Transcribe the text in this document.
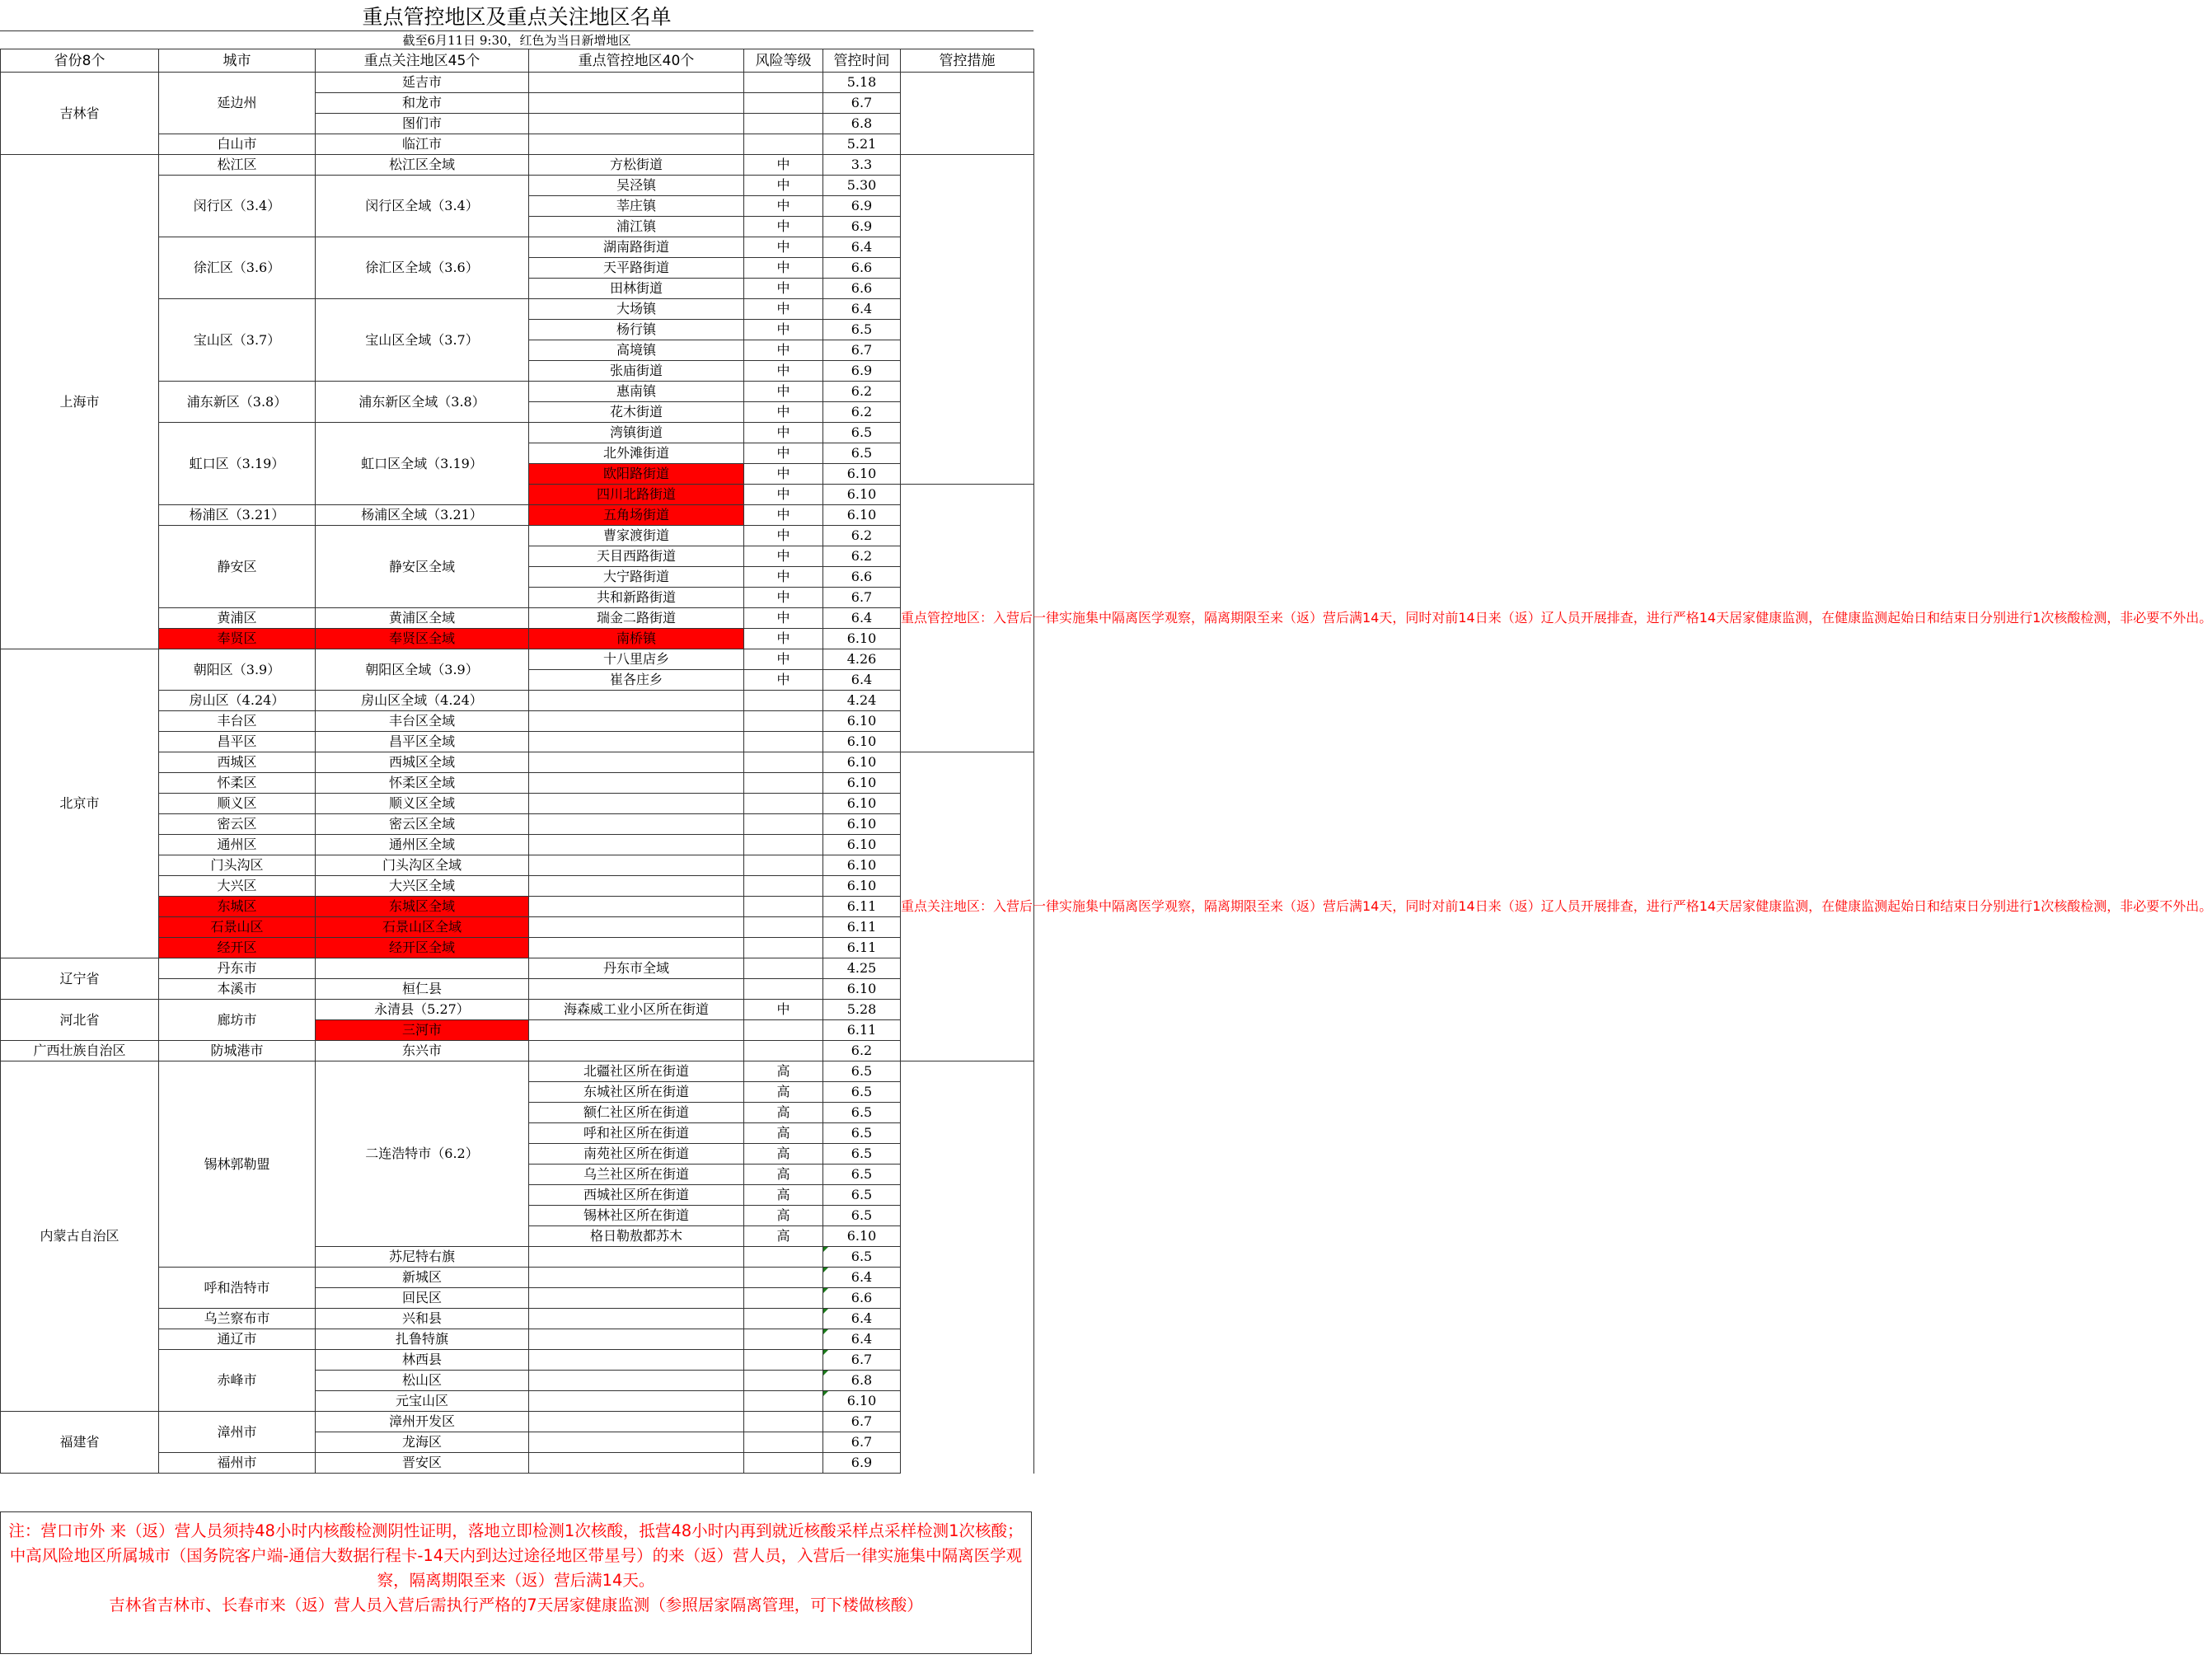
重点管控地区及重点关注地区名单
截至6月11日 9:30，红色为当日新增地区
省份8个	城市	重点关注地区45个	重点管控地区40个	风险等级	管控时间	管控措施	
吉林省	延边州	延吉市			5.18		
		和龙市			6.7		
		图们市			6.8		
	白山市	临江市			5.21		
上海市	松江区	松江区全域	方松街道	中	3.3		
	闵行区（3.4）	闵行区全域（3.4）	吴泾镇	中	5.30		
			莘庄镇	中	6.9		
			浦江镇	中	6.9		
	徐汇区（3.6）	徐汇区全域（3.6）	湖南路街道	中	6.4		
			天平路街道	中	6.6		
			田林街道	中	6.6		
	宝山区（3.7）	宝山区全域（3.7）	大场镇	中	6.4		
			杨行镇	中	6.5		
			高境镇	中	6.7		
			张庙街道	中	6.9		
	浦东新区（3.8）	浦东新区全域（3.8）	惠南镇	中	6.2		
			花木街道	中	6.2		
	虹口区（3.19）	虹口区全域（3.19）	湾镇街道	中	6.5		
			北外滩街道	中	6.5		
			欧阳路街道	中	6.10		
			四川北路街道	中	6.10	重点管控地区：入营后一律实施集中隔离医学观察，隔离期限至来（返）营后满14天，同时对前14日来（返）辽人员开展排查，进行严格14天居家健康监测，在健康监测起始日和结束日分别进行1次核酸检测，非必要不外出。	
	杨浦区（3.21）	杨浦区全域（3.21）	五角场街道	中	6.10		
	静安区	静安区全域	曹家渡街道	中	6.2		
			天目西路街道	中	6.2		
			大宁路街道	中	6.6		
			共和新路街道	中	6.7		
	黄浦区	黄浦区全域	瑞金二路街道	中	6.4		
	奉贤区	奉贤区全域	南桥镇	中	6.10		
北京市	朝阳区（3.9）	朝阳区全域（3.9）	十八里店乡	中	4.26		
			崔各庄乡	中	6.4		
	房山区（4.24）	房山区全域（4.24）			4.24		
	丰台区	丰台区全域			6.10		
	昌平区	昌平区全域			6.10		
	西城区	西城区全域			6.10	重点关注地区：入营后一律实施集中隔离医学观察，隔离期限至来（返）营后满14天，同时对前14日来（返）辽人员开展排查，进行严格14天居家健康监测，在健康监测起始日和结束日分别进行1次核酸检测，非必要不外出。	
	怀柔区	怀柔区全域			6.10		
	顺义区	顺义区全域			6.10		
	密云区	密云区全域			6.10		
	通州区	通州区全域			6.10		
	门头沟区	门头沟区全域			6.10		
	大兴区	大兴区全域			6.10		
	东城区	东城区全域			6.11		
	石景山区	石景山区全域			6.11		
	经开区	经开区全域			6.11		
辽宁省	丹东市		丹东市全域		4.25		

	本溪市	桓仁县			6.10		
河北省	廊坊市	永清县（5.27）	海森威工业小区所在街道	中	5.28		
		三河市			6.11		
广西壮族自治区	防城港市	东兴市			6.2		
内蒙古自治区	锡林郭勒盟	二连浩特市（6.2）	北疆社区所在街道	高	6.5		
			东城社区所在街道	高	6.5		
			额仁社区所在街道	高	6.5		
			呼和社区所在街道	高	6.5		
			南苑社区所在街道	高	6.5		
			乌兰社区所在街道	高	6.5		
			西城社区所在街道	高	6.5		
			锡林社区所在街道	高	6.5		
			格日勒敖都苏木	高	6.10		
		苏尼特右旗			6.5		
	呼和浩特市	新城区			6.4		
		回民区			6.6		
	乌兰察布市	兴和县			6.4		
	通辽市	扎鲁特旗			6.4		
	赤峰市	林西县			6.7		
		松山区			6.8		
		元宝山区			6.10		
福建省	漳州市	漳州开发区			6.7		
		龙海区			6.7		
	福州市	晋安区			6.9		

注：营口市外 来（返）营人员须持48小时内核酸检测阴性证明，落地立即检测1次核酸，抵营48小时内再到就近核酸采样点采样检测1次核酸；

中高风险地区所属城市（国务院客户端-通信大数据行程卡-14天内到达过途径地区带星号）的来（返）营人员，入营后一律实施集中隔离医学观察，隔离期限至来（返）营后满14天。

吉林省吉林市、长春市来（返）营人员入营后需执行严格的7天居家健康监测（参照居家隔离管理，可下楼做核酸）
